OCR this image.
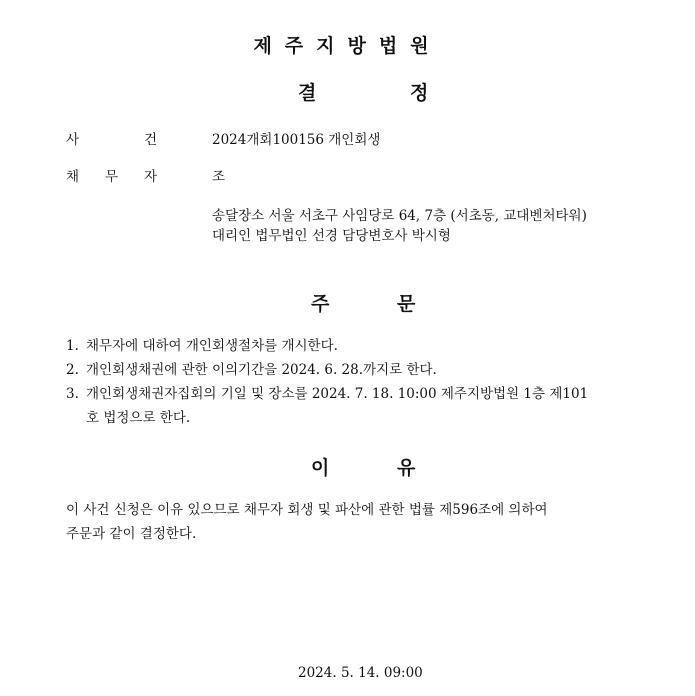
제주지방법원
결	정
사	건	2024개회100156 개인회생
채 무 자	조
송달장소 서울 서초구 사임당로 64, 7층 (서초동, 교대벤처타워)
대리인 법무법인 선경 담당변호사 박시형
주	문
1. 채무자에 대하여 개인회생절차를 개시한다.
2. 개인회생채권에 관한 이의기간을 2024. 6. 28.까지로 한다.
3. 개인회생채권자집회의 기일 및 장소를 2024. 7. 18. 10:00 제주지방법원 1층 제101
호 법정으로 한다.
이	유
이 사건 신청은 이유 있으므로 채무자 회생 및 파산에 관한 법률 제596조에 의하여
주문과 같이 결정한다.
2024. 5. 14. 09:00
